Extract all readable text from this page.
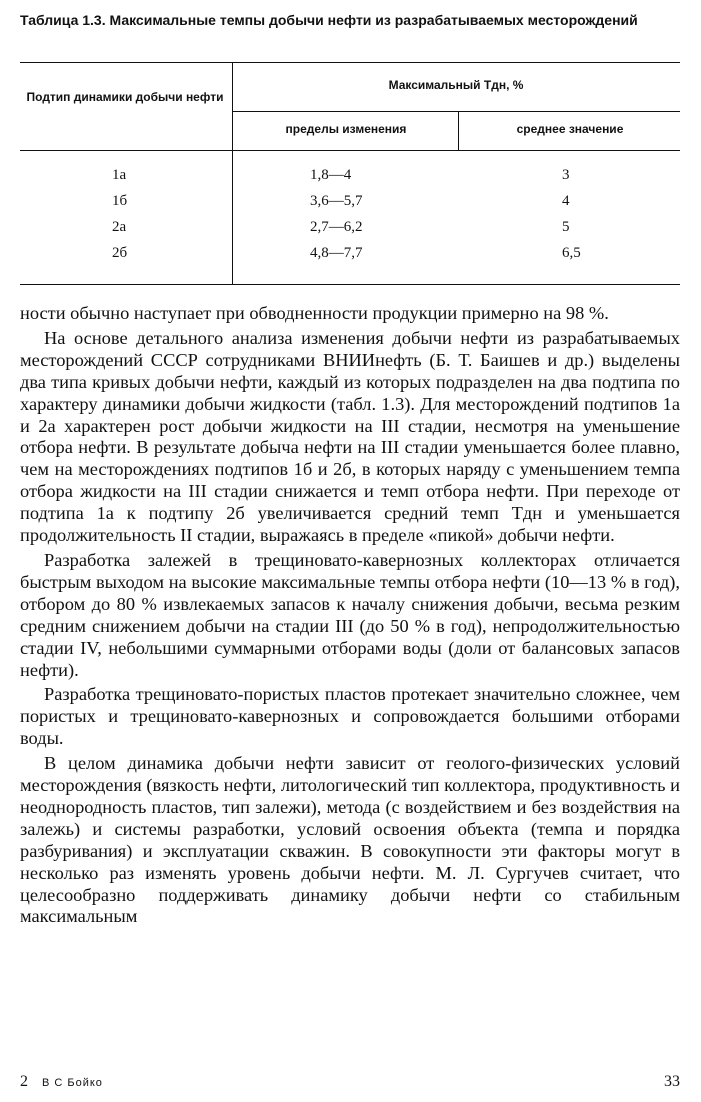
Таблица 1.3. Максимальные темпы добычи нефти из разрабатываемых месторождений
Подтип динамики добычи нефти
Максимальный Tдн, %
пределы изменения	среднее значение
1а	1,8—4	3
1б	3,6—5,7	4
2а	2,7—6,2	5
2б	4,8—7,7	6,5

ности обычно наступает при обводненности продукции примерно на 98 %.

На основе детального анализа изменения добычи нефти из разрабатываемых месторождений СССР сотрудниками ВНИИнефть (Б. Т. Баишев и др.) выделены два типа кривых добычи нефти, каждый из которых подразделен на два подтипа по характеру динамики добычи жидкости (табл. 1.3). Для месторождений подтипов 1а и 2а характерен рост добычи жидкости на III стадии, несмотря на уменьшение отбора нефти. В результате добыча нефти на III стадии уменьшается более плавно, чем на месторождениях подтипов 1б и 2б, в которых наряду с уменьшением темпа отбора жидкости на III стадии снижается и темп отбора нефти. При переходе от подтипа 1а к подтипу 2б увеличивается средний темп Tдн и уменьшается продолжительность II стадии, выражаясь в пределе «пикой» добычи нефти.

Разработка залежей в трещиновато-кавернозных коллекторах отличается быстрым выходом на высокие максимальные темпы отбора нефти (10—13 % в год), отбором до 80 % извлекаемых запасов к началу снижения добычи, весьма резким средним снижением добычи на стадии III (до 50 % в год), непродолжительностью стадии IV, небольшими суммарными отборами воды (доли от балансовых запасов нефти).

Разработка трещиновато-пористых пластов протекает значительно сложнее, чем пористых и трещиновато-кавернозных и сопровождается большими отборами воды.

В целом динамика добычи нефти зависит от геолого-физических условий месторождения (вязкость нефти, литологический тип коллектора, продуктивность и неоднородность пластов, тип залежи), метода (с воздействием и без воздействия на залежь) и системы разработки, условий освоения объекта (темпа и порядка разбуривания) и эксплуатации скважин. В совокупности эти факторы могут в несколько раз изменять уровень добычи нефти. М. Л. Сургучев считает, что целесообразно поддерживать динамику добычи нефти со стабильным максимальным

2 В С Бойко	33
